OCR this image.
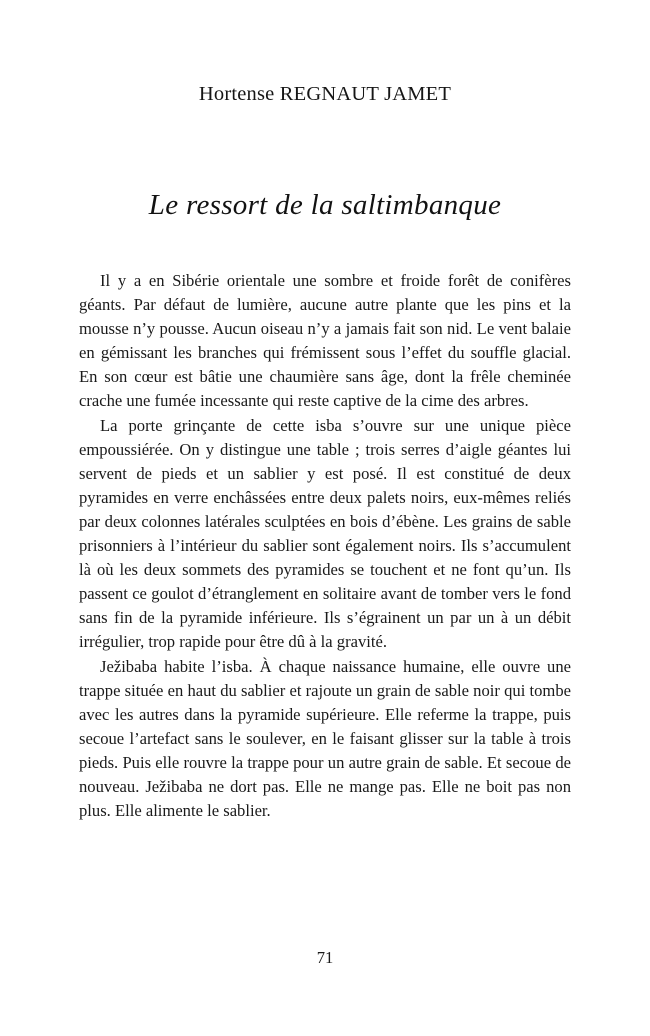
Hortense REGNAUT JAMET
Le ressort de la saltimbanque

Il y a en Sibérie orientale une sombre et froide forêt de conifères géants. Par défaut de lumière, aucune autre plante que les pins et la mousse n’y pousse. Aucun oiseau n’y a jamais fait son nid. Le vent balaie en gémissant les branches qui frémissent sous l’effet du souffle glacial. En son cœur est bâtie une chaumière sans âge, dont la frêle cheminée crache une fumée incessante qui reste captive de la cime des arbres.

La porte grinçante de cette isba s’ouvre sur une unique pièce empoussiérée. On y distingue une table ; trois serres d’aigle géantes lui servent de pieds et un sablier y est posé. Il est constitué de deux pyramides en verre enchâssées entre deux palets noirs, eux-mêmes reliés par deux colonnes latérales sculptées en bois d’ébène. Les grains de sable prisonniers à l’intérieur du sablier sont également noirs. Ils s’accumulent là où les deux sommets des pyramides se touchent et ne font qu’un. Ils passent ce goulot d’étranglement en solitaire avant de tomber vers le fond sans fin de la pyramide inférieure. Ils s’égrainent un par un à un débit irrégulier, trop rapide pour être dû à la gravité.

Ježibaba habite l’isba. À chaque naissance humaine, elle ouvre une trappe située en haut du sablier et rajoute un grain de sable noir qui tombe avec les autres dans la pyramide supérieure. Elle referme la trappe, puis secoue l’artefact sans le soulever, en le faisant glisser sur la table à trois pieds. Puis elle rouvre la trappe pour un autre grain de sable. Et secoue de nouveau. Ježibaba ne dort pas. Elle ne mange pas. Elle ne boit pas non plus. Elle alimente le sablier.

71
